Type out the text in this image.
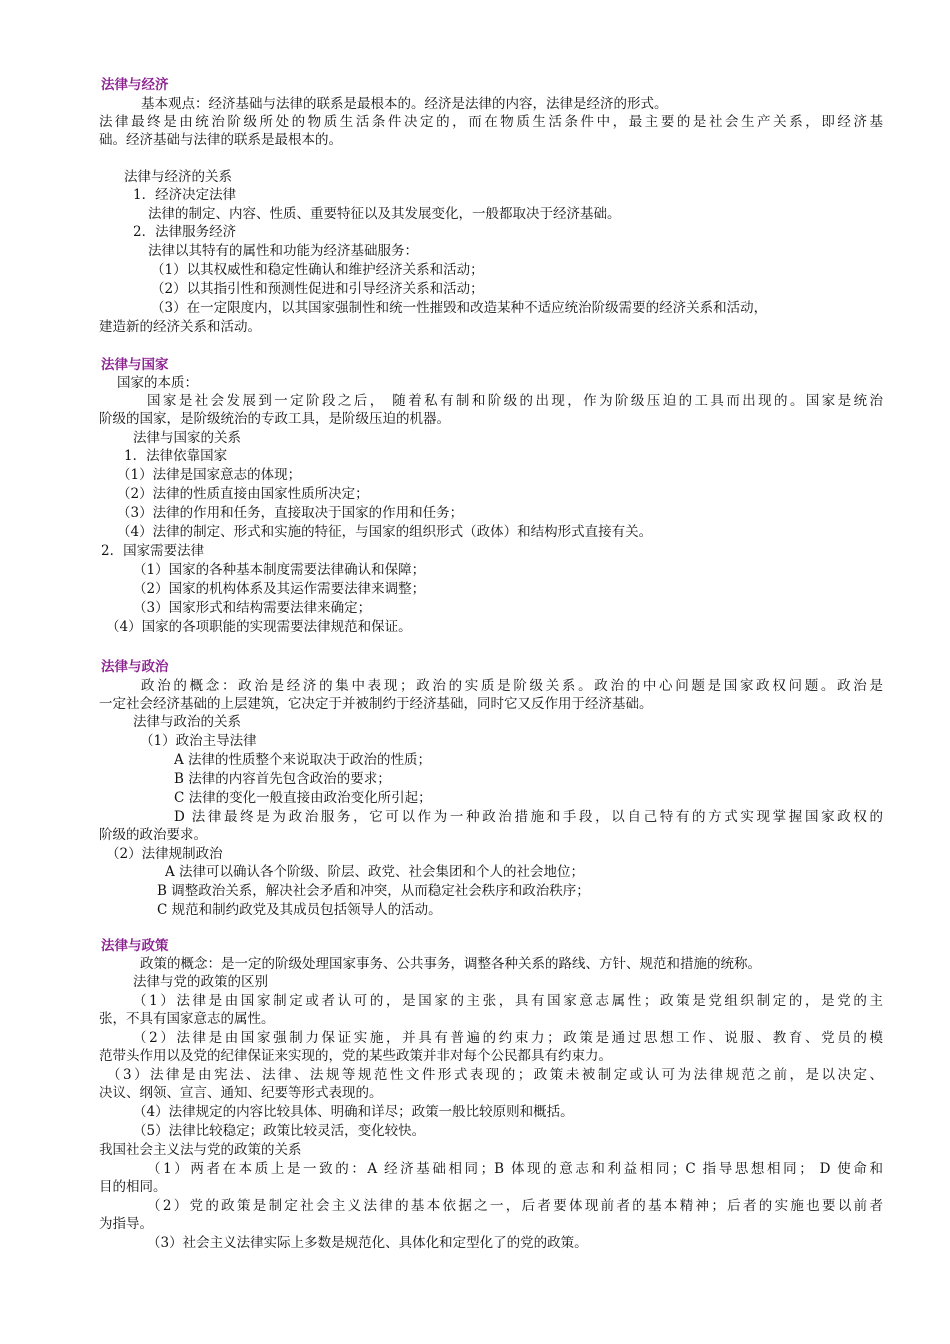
法律与经济
基本观点：经济基础与法律的联系是最根本的。经济是法律的内容，法律是经济的形式。
法律最终是由统治阶级所处的物质生活条件决定的，而在物质生活条件中，最主要的是社会生产关系，即经济基
础。经济基础与法律的联系是最根本的。
法律与经济的关系
1．经济决定法律
法律的制定、内容、性质、重要特征以及其发展变化，一般都取决于经济基础。
2．法律服务经济
法律以其特有的属性和功能为经济基础服务：
（1）以其权威性和稳定性确认和维护经济关系和活动；
（2）以其指引性和预测性促进和引导经济关系和活动；
（3）在一定限度内，以其国家强制性和统一性摧毁和改造某种不适应统治阶级需要的经济关系和活动，
建造新的经济关系和活动。
法律与国家
国家的本质：
国家是社会发展到一定阶段之后， 随着私有制和阶级的出现，作为阶级压迫的工具而出现的。国家是统治
阶级的国家，是阶级统治的专政工具，是阶级压迫的机器。
法律与国家的关系
1．法律依靠国家
（1）法律是国家意志的体现；
（2）法律的性质直接由国家性质所决定；
（3）法律的作用和任务，直接取决于国家的作用和任务；
（4）法律的制定、形式和实施的特征，与国家的组织形式（政体）和结构形式直接有关。
2．国家需要法律
（1）国家的各种基本制度需要法律确认和保障；
（2）国家的机构体系及其运作需要法律来调整；
（3）国家形式和结构需要法律来确定；
（4）国家的各项职能的实现需要法律规范和保证。
法律与政治
政治的概念：政治是经济的集中表现；政治的实质是阶级关系。政治的中心问题是国家政权问题。政治是
一定社会经济基础的上层建筑，它决定于并被制约于经济基础，同时它又反作用于经济基础。
法律与政治的关系
（1）政治主导法律
A 法律的性质整个来说取决于政治的性质；
B 法律的内容首先包含政治的要求；
C 法律的变化一般直接由政治变化所引起；
D 法律最终是为政治服务，它可以作为一种政治措施和手段，以自己特有的方式实现掌握国家政权的
阶级的政治要求。
（2）法律规制政治
A 法律可以确认各个阶级、阶层、政党、社会集团和个人的社会地位；
B 调整政治关系，解决社会矛盾和冲突，从而稳定社会秩序和政治秩序；
C 规范和制约政党及其成员包括领导人的活动。
法律与政策
政策的概念：是一定的阶级处理国家事务、公共事务，调整各种关系的路线、方针、规范和措施的统称。
法律与党的政策的区别
（1）法律是由国家制定或者认可的，是国家的主张，具有国家意志属性；政策是党组织制定的，是党的主
张，不具有国家意志的属性。
（2）法律是由国家强制力保证实施，并具有普遍的约束力；政策是通过思想工作、说服、教育、党员的模
范带头作用以及党的纪律保证来实现的，党的某些政策并非对每个公民都具有约束力。
（3）法律是由宪法、法律、法规等规范性文件形式表现的；政策未被制定或认可为法律规范之前，是以决定、
决议、纲领、宣言、通知、纪要等形式表现的。
（4）法律规定的内容比较具体、明确和详尽；政策一般比较原则和概括。
（5）法律比较稳定；政策比较灵活，变化较快。
我国社会主义法与党的政策的关系
（1）两者在本质上是一致的：A 经济基础相同；B 体现的意志和利益相同；C 指导思想相同； D 使命和
目的相同。
（2）党的政策是制定社会主义法律的基本依据之一，后者要体现前者的基本精神；后者的实施也要以前者
为指导。
（3）社会主义法律实际上多数是规范化、具体化和定型化了的党的政策。
